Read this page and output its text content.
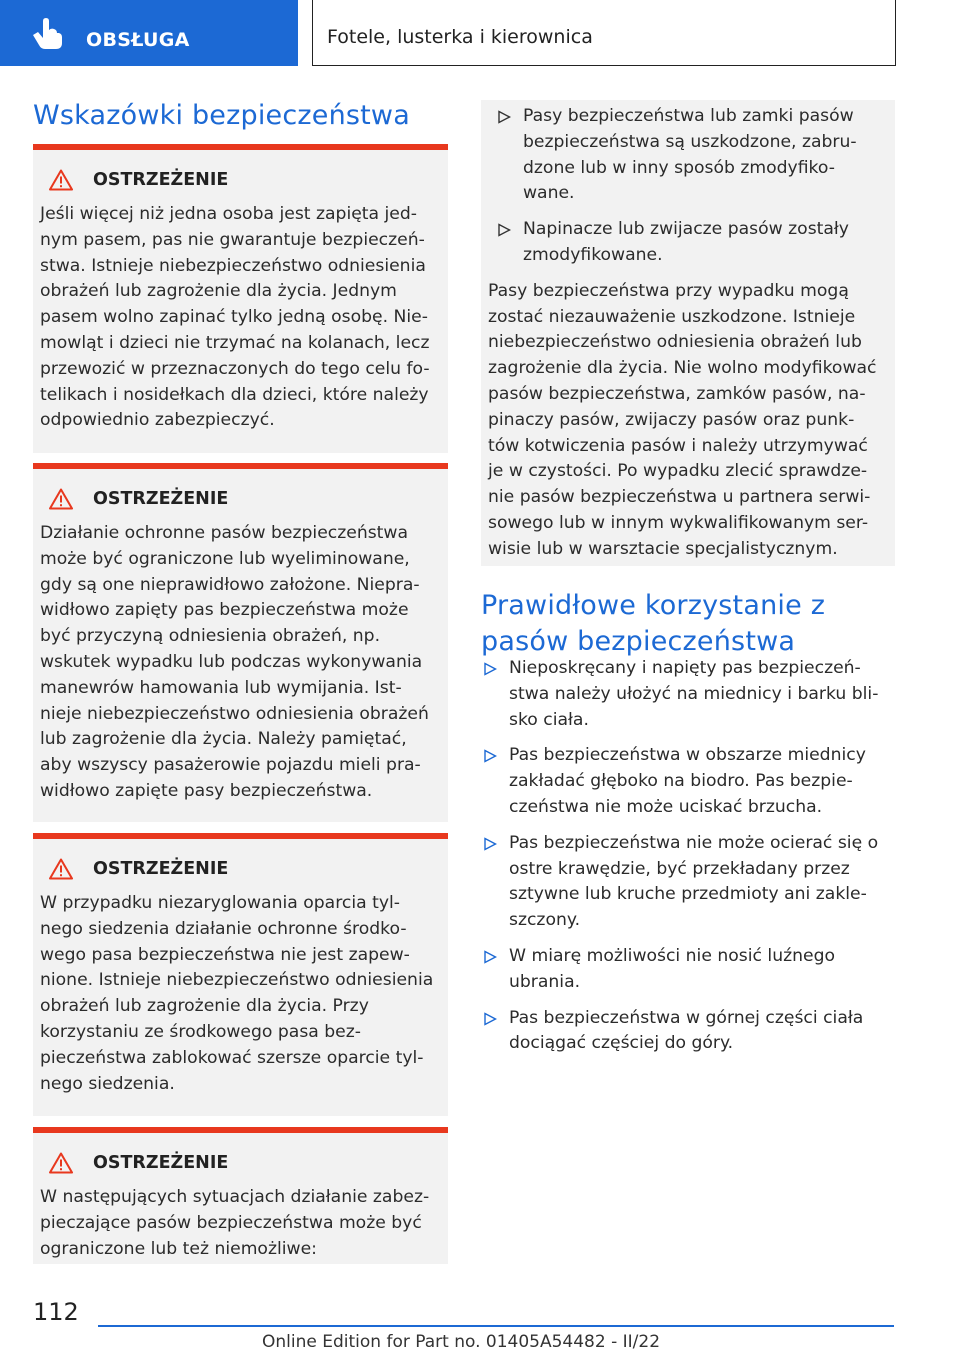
OBSŁUGA	Fotele, lusterka i kierownica
Wskazówki bezpieczeństwa
OSTRZEŻENIE

Jeśli więcej niż jedna osoba jest zapięta jed-nym pasem, pas nie gwarantuje bezpieczeń-stwa. Istnieje niebezpieczeństwo odniesienia obrażeń lub zagrożenie dla życia. Jednym pasem wolno zapinać tylko jedną osobę. Nie-mowląt i dzieci nie trzymać na kolanach, lecz przewozić w przeznaczonych do tego celu fo-telikach i nosidełkach dla dzieci, które należy odpowiednio zabezpieczyć.

OSTRZEŻENIE

Działanie ochronne pasów bezpieczeństwa może być ograniczone lub wyeliminowane, gdy są one nieprawidłowo założone. Niepra-widłowo zapięty pas bezpieczeństwa może być przyczyną odniesienia obrażeń, np. wskutek wypadku lub podczas wykonywania manewrów hamowania lub wymijania. Ist-nieje niebezpieczeństwo odniesienia obrażeń lub zagrożenie dla życia. Należy pamiętać, aby wszyscy pasażerowie pojazdu mieli pra-widłowo zapięte pasy bezpieczeństwa.

OSTRZEŻENIE

W przypadku niezaryglowania oparcia tyl-nego siedzenia działanie ochronne środko-wego pasa bezpieczeństwa nie jest zapew-nione. Istnieje niebezpieczeństwo odniesienia obrażeń lub zagrożenie dla życia. Przy korzystaniu ze środkowego pasa bez-pieczeństwa zablokować szersze oparcie tyl-nego siedzenia.

OSTRZEŻENIE

W następujących sytuacjach działanie zabez-pieczające pasów bezpieczeństwa może być ograniczone lub też niemożliwe:

Pasy bezpieczeństwa lub zamki pasów bezpieczeństwa są uszkodzone, zabru-dzone lub w inny sposób zmodyfiko-wane.
Napinacze lub zwijacze pasów zostały zmodyfikowane.

Pasy bezpieczeństwa przy wypadku mogą zostać niezauważenie uszkodzone. Istnieje niebezpieczeństwo odniesienia obrażeń lub zagrożenie dla życia. Nie wolno modyfikować pasów bezpieczeństwa, zamków pasów, na-pinaczy pasów, zwijaczy pasów oraz punk-tów kotwiczenia pasów i należy utrzymywać je w czystości. Po wypadku zlecić sprawdze-nie pasów bezpieczeństwa u partnera serwi-sowego lub w innym wykwalifikowanym ser-wisie lub w warsztacie specjalistycznym.

Prawidłowe korzystanie z pasów bezpieczeństwa
Nieposkręcany i napięty pas bezpieczeń-stwa należy ułożyć na miednicy i barku bli-sko ciała.
Pas bezpieczeństwa w obszarze miednicy zakładać głęboko na biodro. Pas bezpie-czeństwa nie może uciskać brzucha.
Pas bezpieczeństwa nie może ocierać się o ostre krawędzie, być przekładany przez sztywne lub kruche przedmioty ani zakle-szczony.
W miarę możliwości nie nosić luźnego ubrania.
Pas bezpieczeństwa w górnej części ciała dociągać częściej do góry.
112
Online Edition for Part no. 01405A54482 - II/22
